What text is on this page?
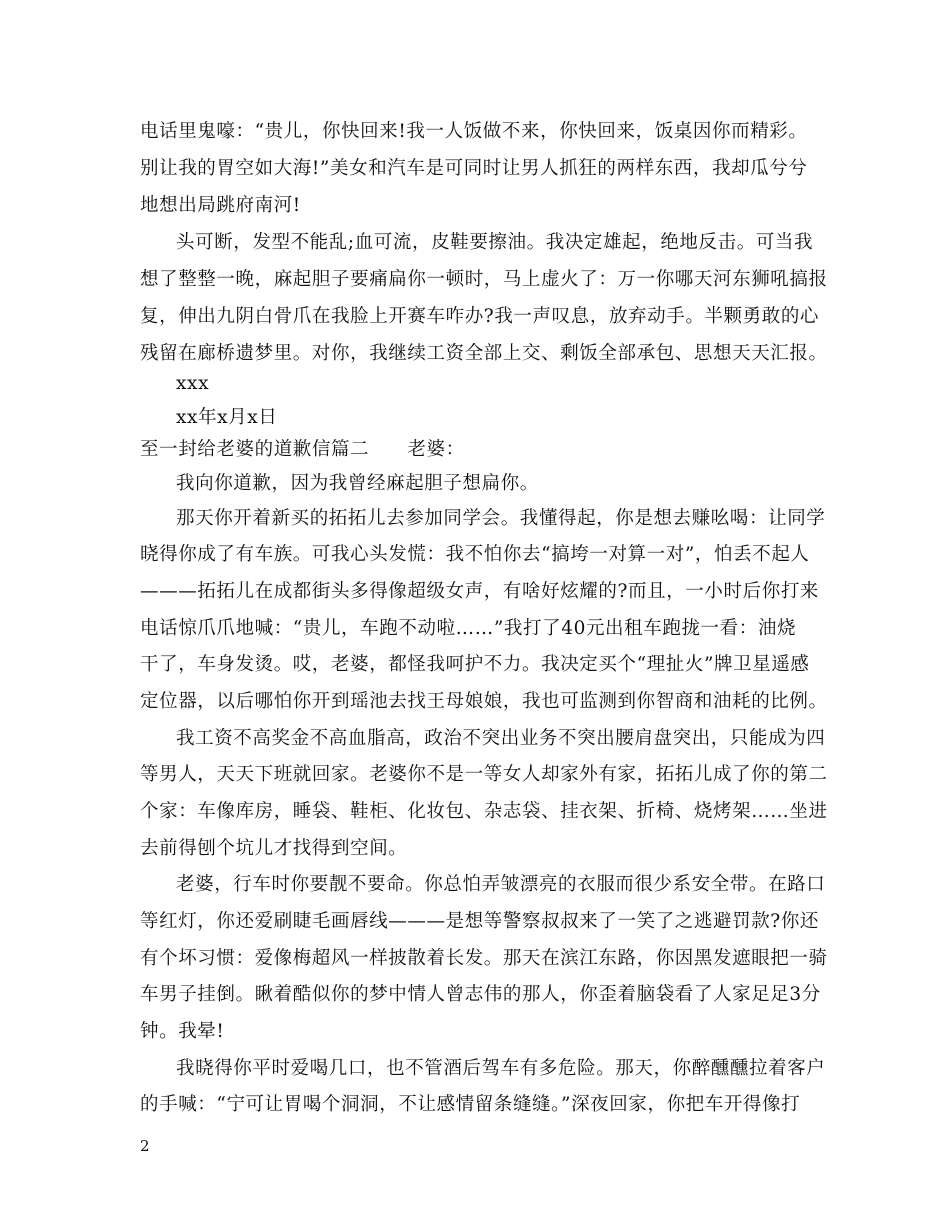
电话里鬼嚎：“贵儿，你快回来!我一人饭做不来，你快回来，饭桌因你而精彩。
别让我的胃空如大海!”美女和汽车是可同时让男人抓狂的两样东西，我却瓜兮兮
地想出局跳府南河!
头可断，发型不能乱;血可流，皮鞋要擦油。我决定雄起，绝地反击。可当我
想了整整一晚，麻起胆子要痛扁你一顿时，马上虚火了：万一你哪天河东狮吼搞报
复，伸出九阴白骨爪在我脸上开赛车咋办?我一声叹息，放弃动手。半颗勇敢的心
残留在廊桥遗梦里。对你，我继续工资全部上交、剩饭全部承包、思想天天汇报。
xxx
xx年x月x日
至一封给老婆的道歉信篇二　　老婆：
我向你道歉，因为我曾经麻起胆子想扁你。
那天你开着新买的拓拓儿去参加同学会。我懂得起，你是想去赚吆喝：让同学
晓得你成了有车族。可我心头发慌：我不怕你去“搞垮一对算一对”，怕丢不起人
———拓拓儿在成都街头多得像超级女声，有啥好炫耀的?而且，一小时后你打来
电话惊爪爪地喊：“贵儿，车跑不动啦……”我打了40元出租车跑拢一看：油烧
干了，车身发烫。哎，老婆，都怪我呵护不力。我决定买个“理扯火”牌卫星遥感
定位器，以后哪怕你开到瑶池去找王母娘娘，我也可监测到你智商和油耗的比例。
我工资不高奖金不高血脂高，政治不突出业务不突出腰肩盘突出，只能成为四
等男人，天天下班就回家。老婆你不是一等女人却家外有家，拓拓儿成了你的第二
个家：车像库房，睡袋、鞋柜、化妆包、杂志袋、挂衣架、折椅、烧烤架……坐进
去前得刨个坑儿才找得到空间。
老婆，行车时你要靓不要命。你总怕弄皱漂亮的衣服而很少系安全带。在路口
等红灯，你还爱刷睫毛画唇线———是想等警察叔叔来了一笑了之逃避罚款?你还
有个坏习惯：爱像梅超风一样披散着长发。那天在滨江东路，你因黑发遮眼把一骑
车男子挂倒。瞅着酷似你的梦中情人曾志伟的那人，你歪着脑袋看了人家足足3分
钟。我晕!
我晓得你平时爱喝几口，也不管酒后驾车有多危险。那天，你醉醺醺拉着客户
的手喊：“宁可让胃喝个洞洞，不让感情留条缝缝。”深夜回家，你把车开得像打
2
